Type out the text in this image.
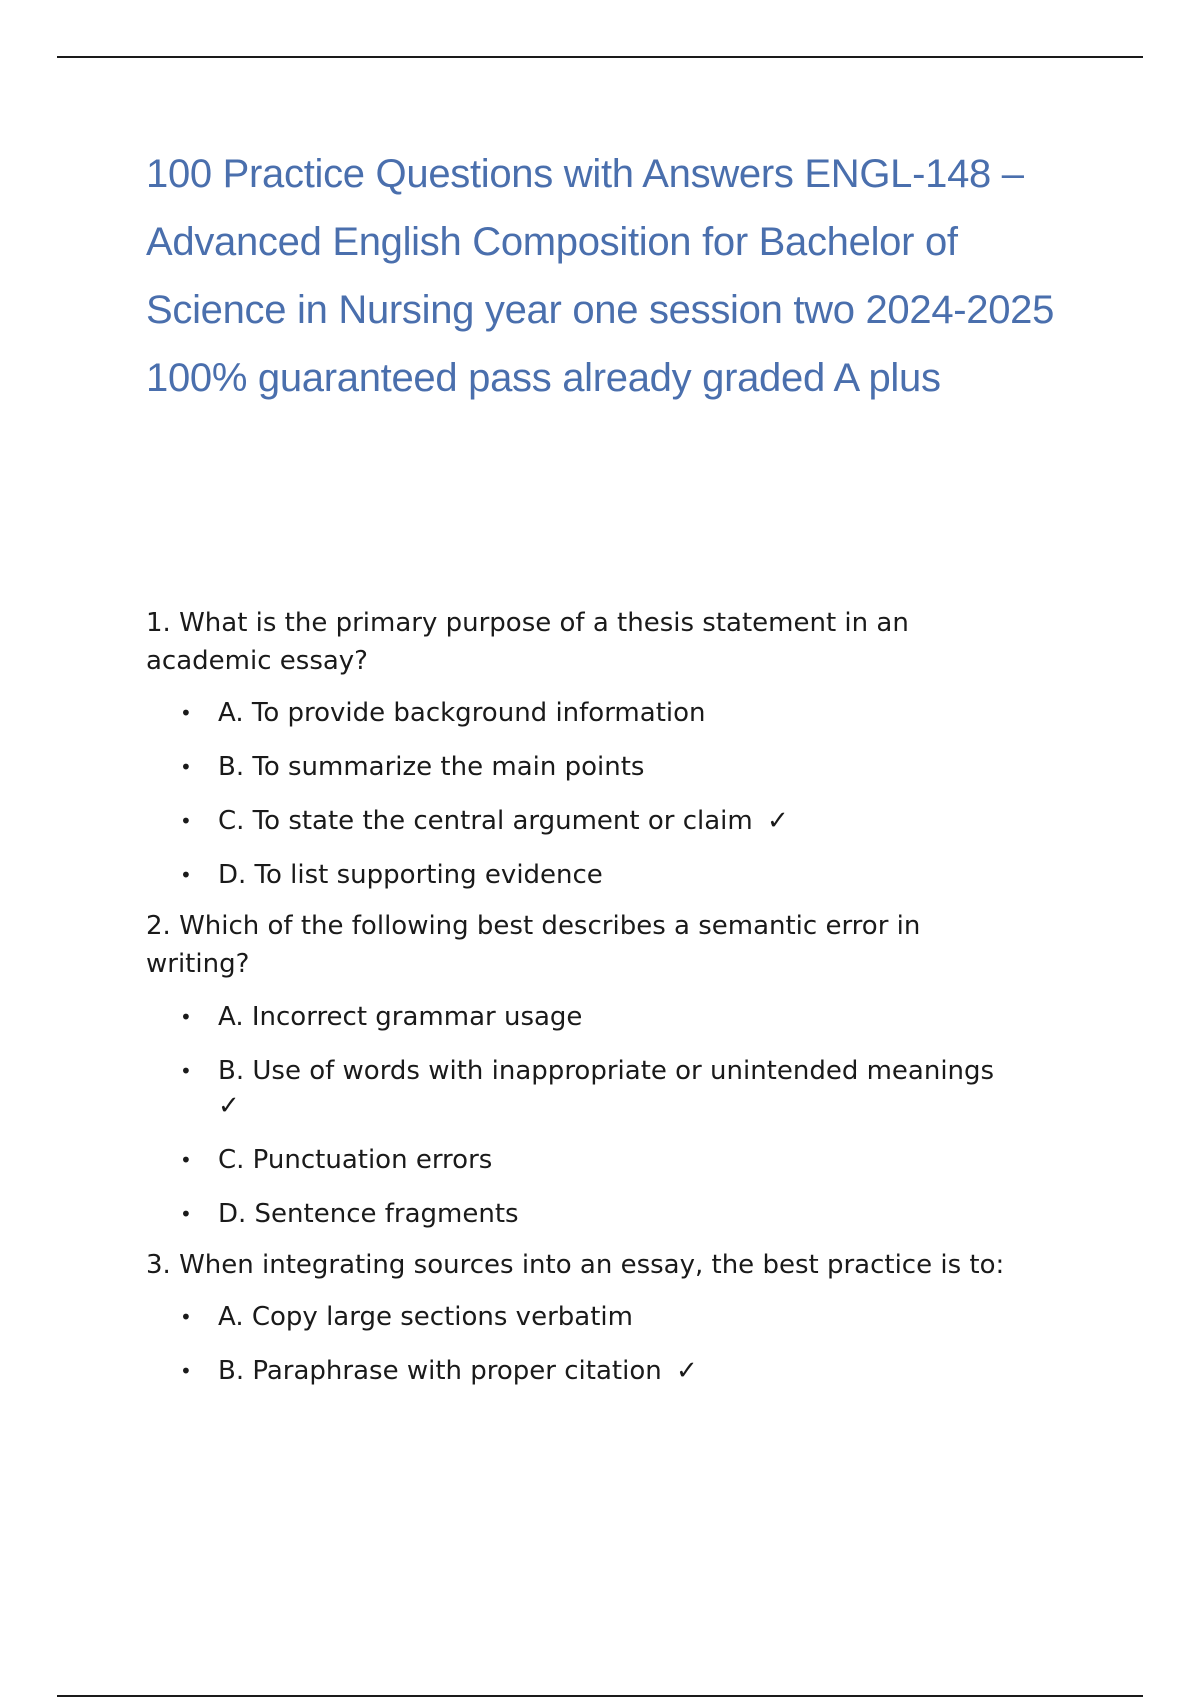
100 Practice Questions with Answers ENGL-148 – Advanced English Composition for Bachelor of Science in Nursing year one session two 2024-2025 100% guaranteed pass already graded A plus

1. What is the primary purpose of a thesis statement in an academic essay?

• A. To provide background information
• B. To summarize the main points
• C. To state the central argument or claim ✓
• D. To list supporting evidence

2. Which of the following best describes a semantic error in writing?

• A. Incorrect grammar usage
• B. Use of words with inappropriate or unintended meanings
✓
• C. Punctuation errors
• D. Sentence fragments

3. When integrating sources into an essay, the best practice is to:

• A. Copy large sections verbatim
• B. Paraphrase with proper citation ✓
